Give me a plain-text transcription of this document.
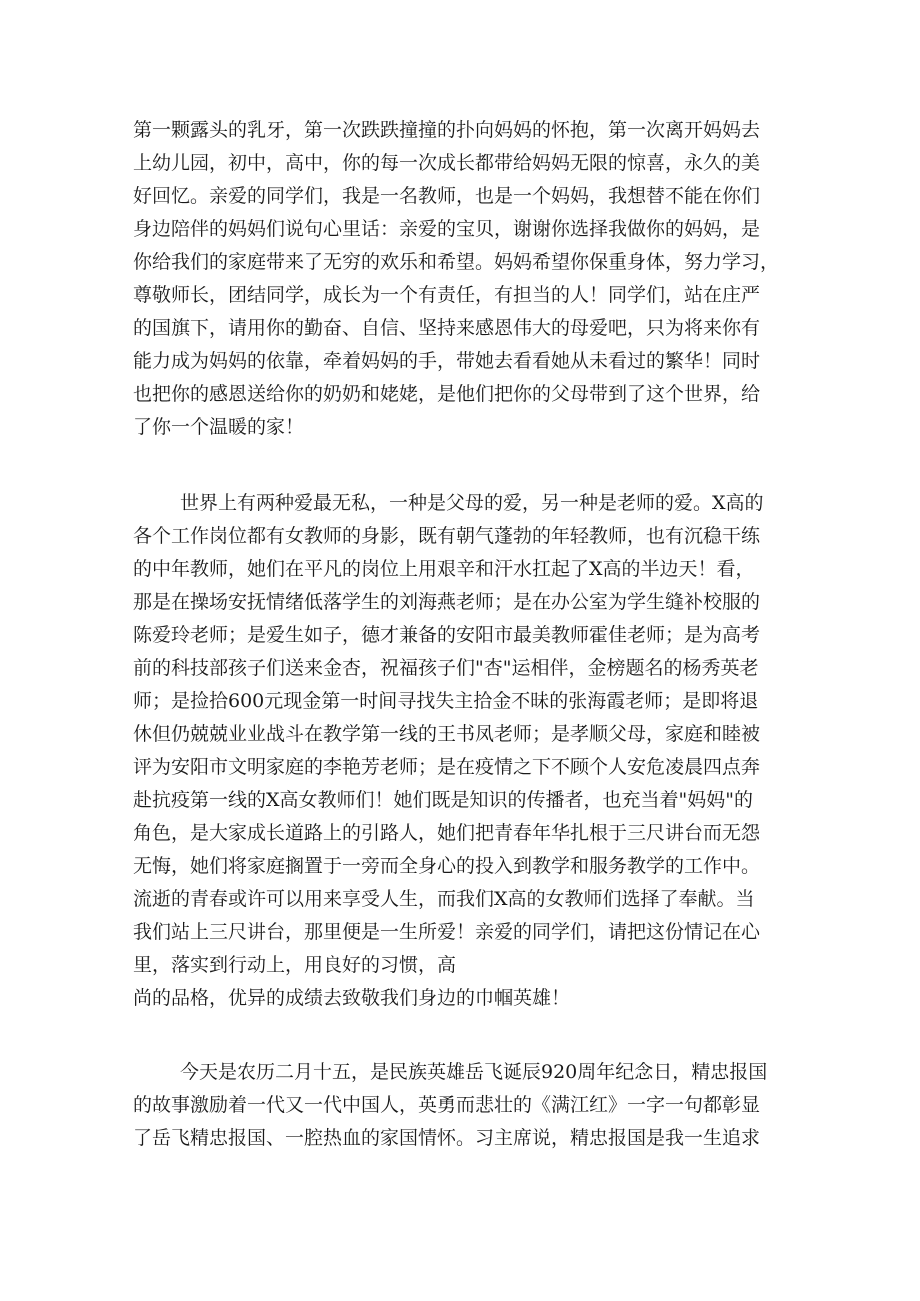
第一颗露头的乳牙，第一次跌跌撞撞的扑向妈妈的怀抱，第一次离开妈妈去
上幼儿园，初中，高中，你的每一次成长都带给妈妈无限的惊喜，永久的美
好回忆。亲爱的同学们，我是一名教师，也是一个妈妈，我想替不能在你们
身边陪伴的妈妈们说句心里话：亲爱的宝贝，谢谢你选择我做你的妈妈，是
你给我们的家庭带来了无穷的欢乐和希望。妈妈希望你保重身体，努力学习，
尊敬师长，团结同学，成长为一个有责任，有担当的人！同学们，站在庄严
的国旗下，请用你的勤奋、自信、坚持来感恩伟大的母爱吧，只为将来你有
能力成为妈妈的依靠，牵着妈妈的手，带她去看看她从未看过的繁华！同时
也把你的感恩送给你的奶奶和姥姥，是他们把你的父母带到了这个世界，给
了你一个温暖的家！
世界上有两种爱最无私，一种是父母的爱，另一种是老师的爱。X高的
各个工作岗位都有女教师的身影，既有朝气蓬勃的年轻教师，也有沉稳干练
的中年教师，她们在平凡的岗位上用艰辛和汗水扛起了X高的半边天！看，
那是在操场安抚情绪低落学生的刘海燕老师；是在办公室为学生缝补校服的
陈爱玲老师；是爱生如子，德才兼备的安阳市最美教师霍佳老师；是为高考
前的科技部孩子们送来金杏，祝福孩子们"杏"运相伴，金榜题名的杨秀英老
师；是捡拾600元现金第一时间寻找失主拾金不昧的张海霞老师；是即将退
休但仍兢兢业业战斗在教学第一线的王书凤老师；是孝顺父母，家庭和睦被
评为安阳市文明家庭的李艳芳老师；是在疫情之下不顾个人安危凌晨四点奔
赴抗疫第一线的X高女教师们！她们既是知识的传播者，也充当着"妈妈"的
角色，是大家成长道路上的引路人，她们把青春年华扎根于三尺讲台而无怨
无悔，她们将家庭搁置于一旁而全身心的投入到教学和服务教学的工作中。
流逝的青春或许可以用来享受人生，而我们X高的女教师们选择了奉献。当
我们站上三尺讲台，那里便是一生所爱！亲爱的同学们，请把这份情记在心
里，落实到行动上，用良好的习惯，高
尚的品格，优异的成绩去致敬我们身边的巾帼英雄！
今天是农历二月十五，是民族英雄岳飞诞辰920周年纪念日，精忠报国
的故事激励着一代又一代中国人，英勇而悲壮的《满江红》一字一句都彰显
了岳飞精忠报国、一腔热血的家国情怀。习主席说，精忠报国是我一生追求
